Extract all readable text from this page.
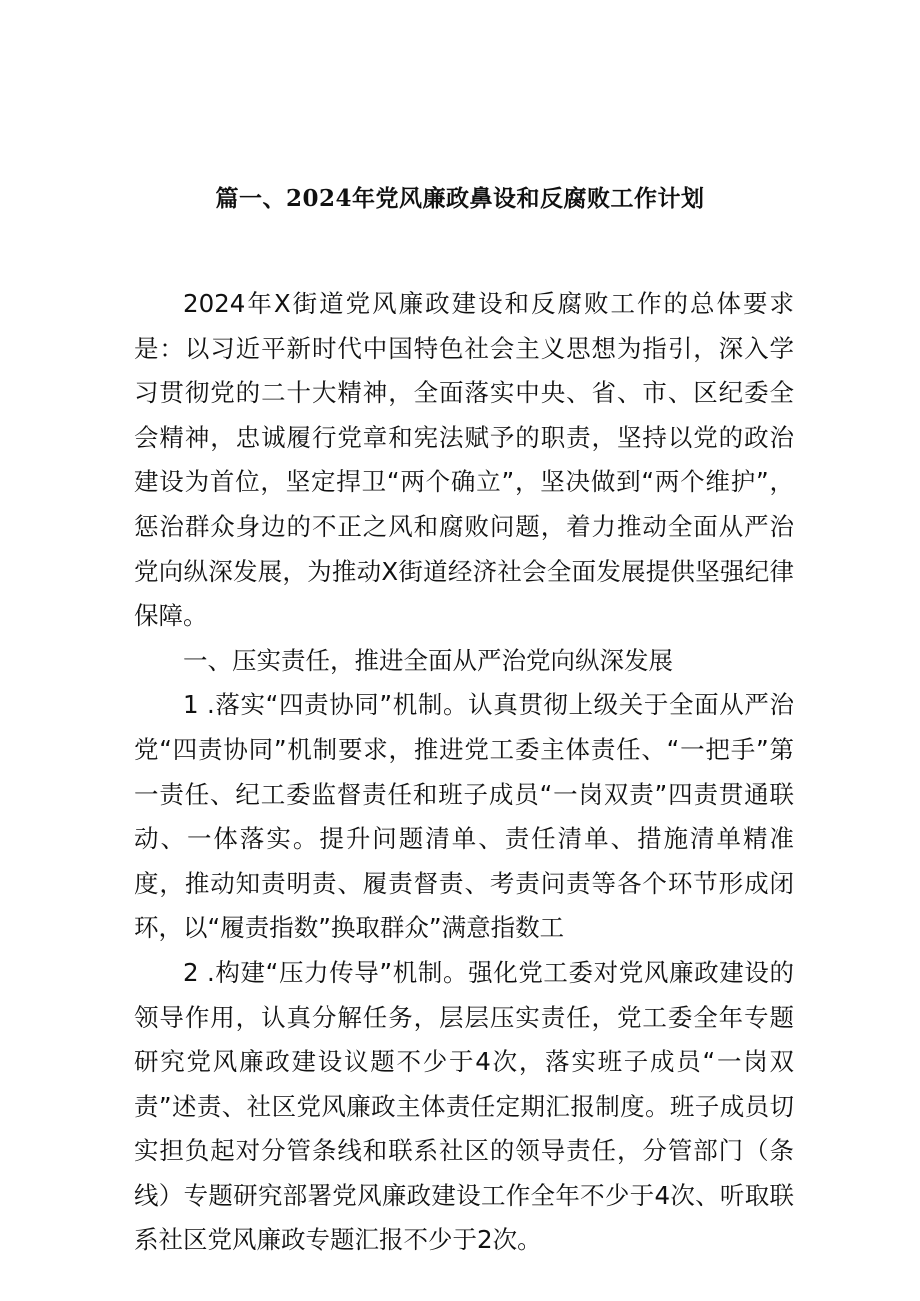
篇一、2024年党风廉政鼻设和反腐败工作计划

2024年X街道党风廉政建设和反腐败工作的总体要求是：以习近平新时代中国特色社会主义思想为指引，深入学习贯彻党的二十大精神，全面落实中央、省、市、区纪委全会精神，忠诚履行党章和宪法赋予的职责，坚持以党的政治建设为首位，坚定捍卫“两个确立”，坚决做到“两个维护”，惩治群众身边的不正之风和腐败问题，着力推动全面从严治党向纵深发展，为推动X街道经济社会全面发展提供坚强纪律保障。

一、压实责任，推进全面从严治党向纵深发展

1 .落实“四责协同”机制。认真贯彻上级关于全面从严治党“四责协同”机制要求，推进党工委主体责任、“一把手”第一责任、纪工委监督责任和班子成员“一岗双责”四责贯通联动、一体落实。提升问题清单、责任清单、措施清单精准度，推动知责明责、履责督责、考责问责等各个环节形成闭环，以“履责指数”换取群众”满意指数工

2 .构建“压力传导”机制。强化党工委对党风廉政建设的领导作用，认真分解任务，层层压实责任，党工委全年专题研究党风廉政建设议题不少于4次，落实班子成员“一岗双责”述责、社区党风廉政主体责任定期汇报制度。班子成员切实担负起对分管条线和联系社区的领导责任，分管部门（条线）专题研究部署党风廉政建设工作全年不少于4次、听取联系社区党风廉政专题汇报不少于2次。
